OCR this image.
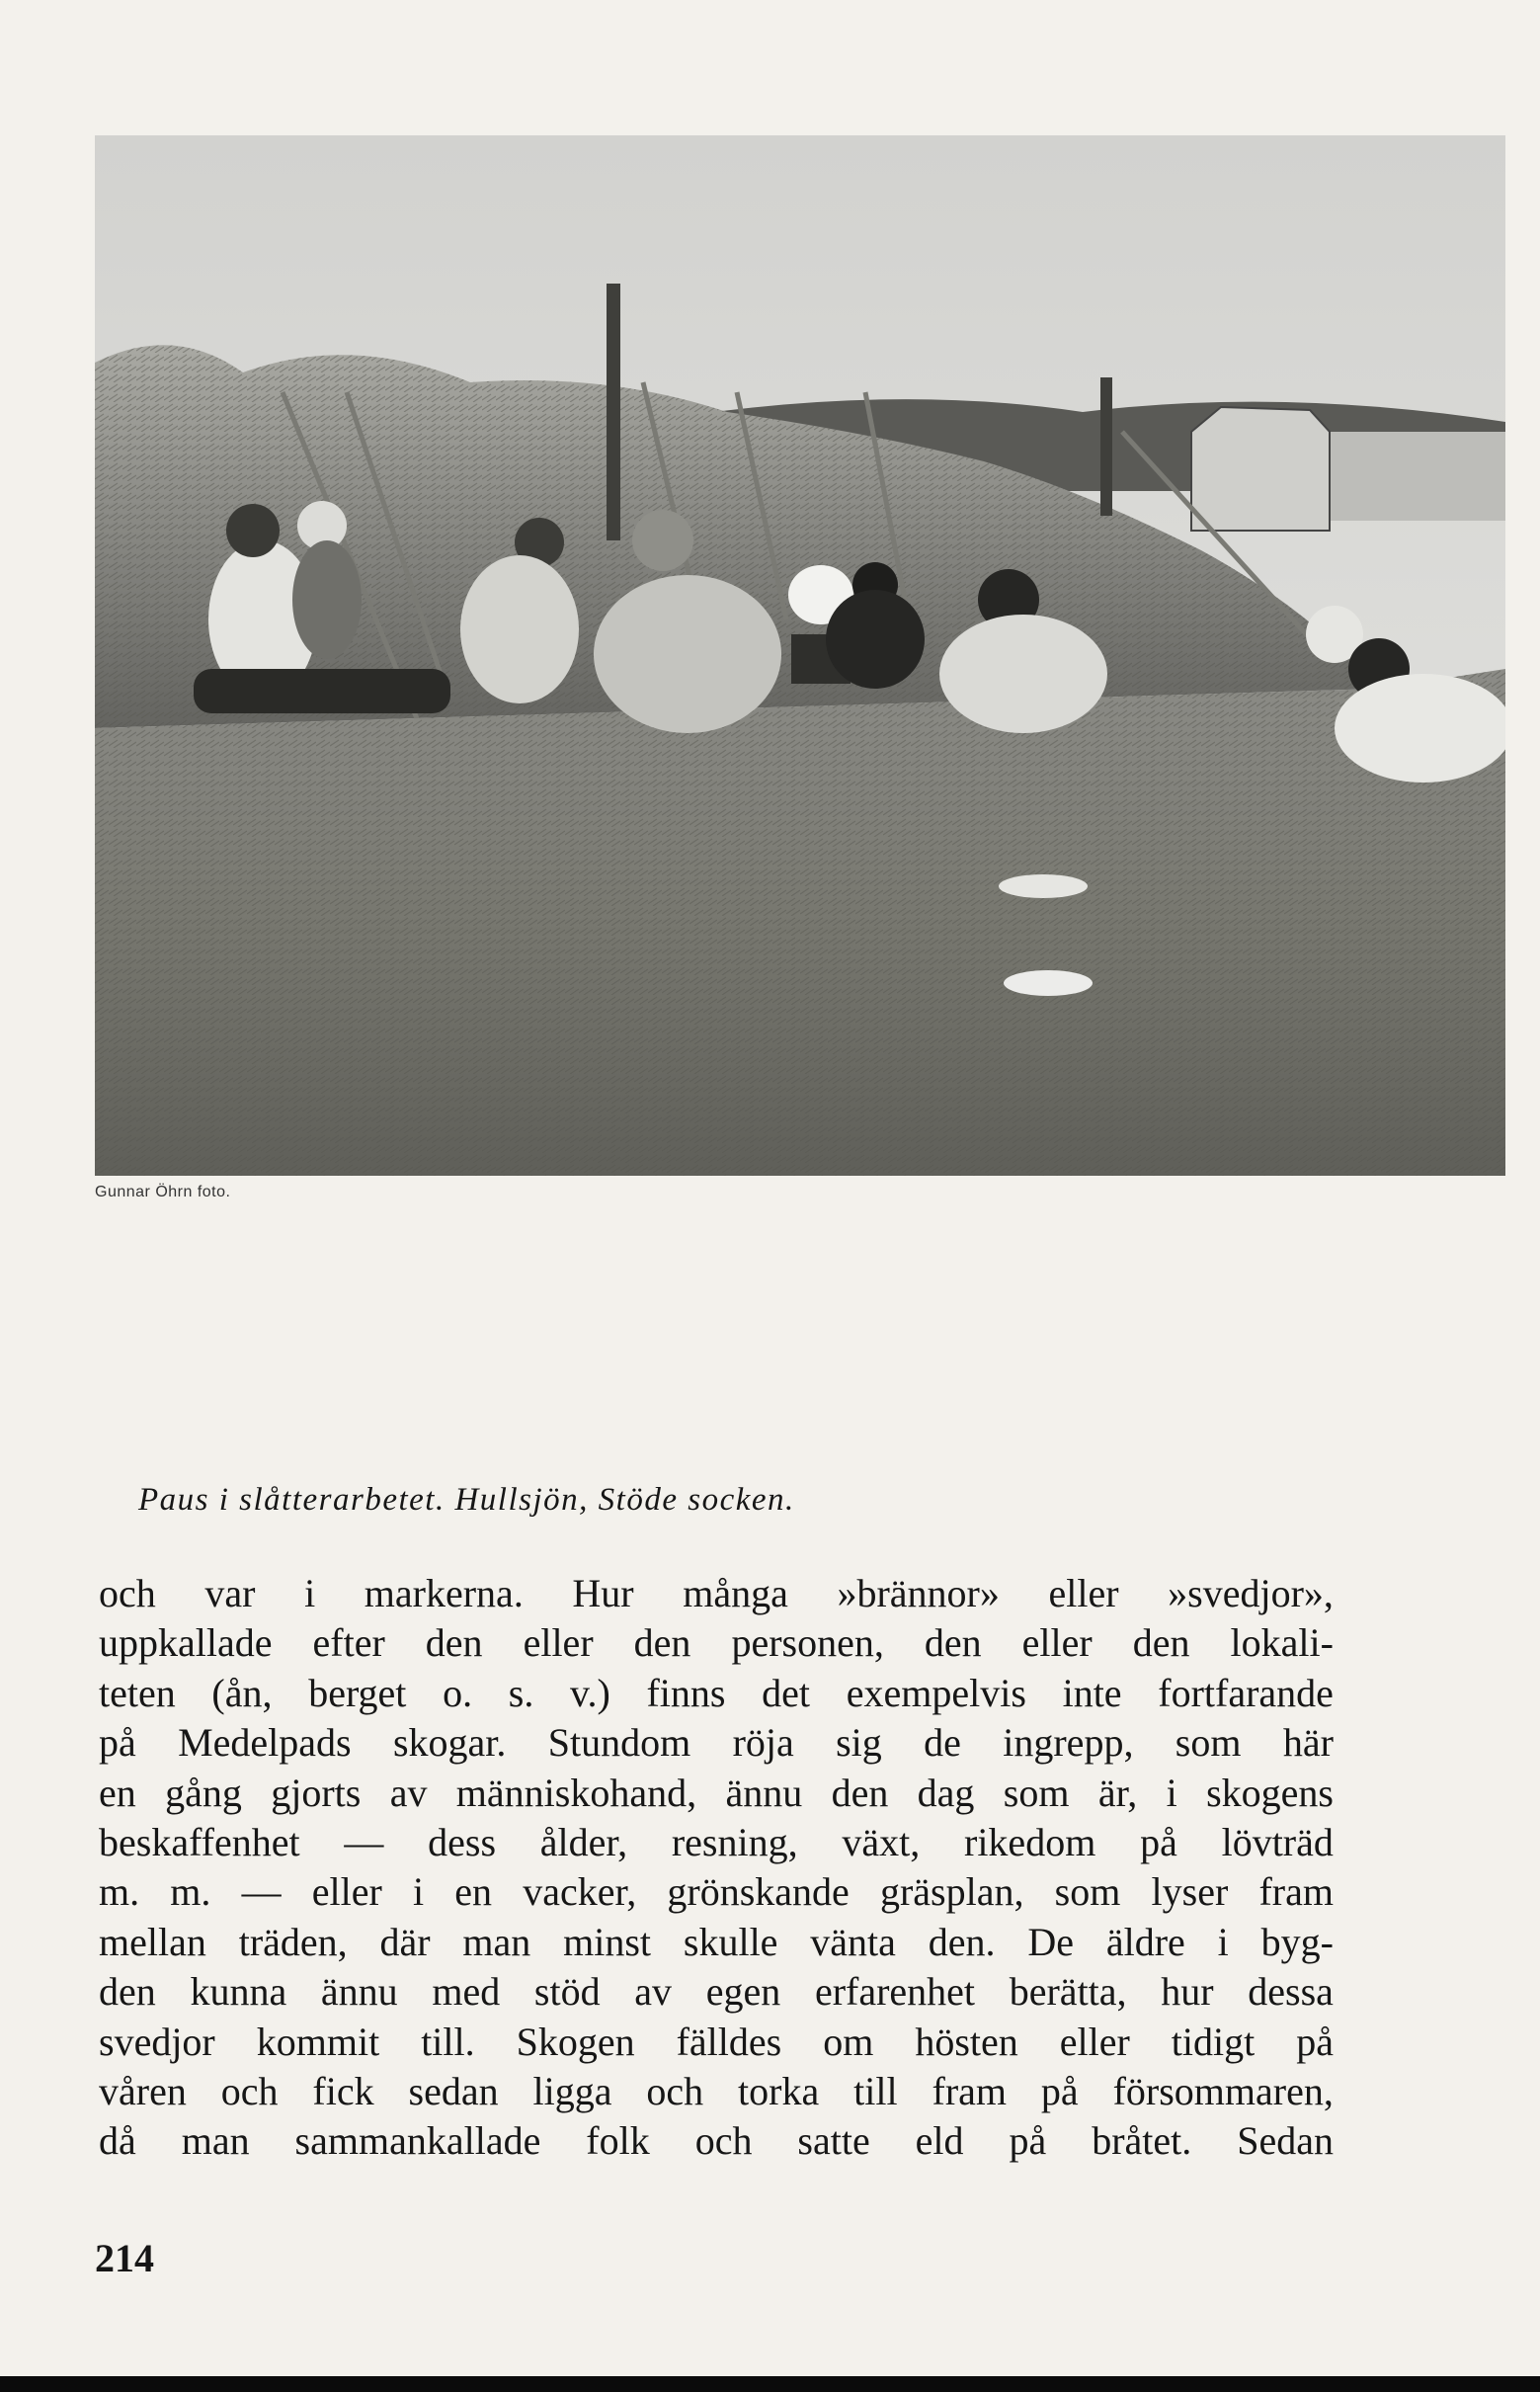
Gunnar Öhrn foto.
Paus i slåtterarbetet. Hullsjön, Stöde socken.
och var i markerna. Hur många »brännor» eller »svedjor»,
uppkallade efter den eller den personen, den eller den lokali-
teten (ån, berget o. s. v.) finns det exempelvis inte fortfarande
på Medelpads skogar. Stundom röja sig de ingrepp, som här
en gång gjorts av människohand, ännu den dag som är, i skogens
beskaffenhet — dess ålder, resning, växt, rikedom på lövträd
m. m. — eller i en vacker, grönskande gräsplan, som lyser fram
mellan träden, där man minst skulle vänta den. De äldre i byg-
den kunna ännu med stöd av egen erfarenhet berätta, hur dessa
svedjor kommit till. Skogen fälldes om hösten eller tidigt på
våren och fick sedan ligga och torka till fram på försommaren,
då man sammankallade folk och satte eld på bråtet. Sedan
214
